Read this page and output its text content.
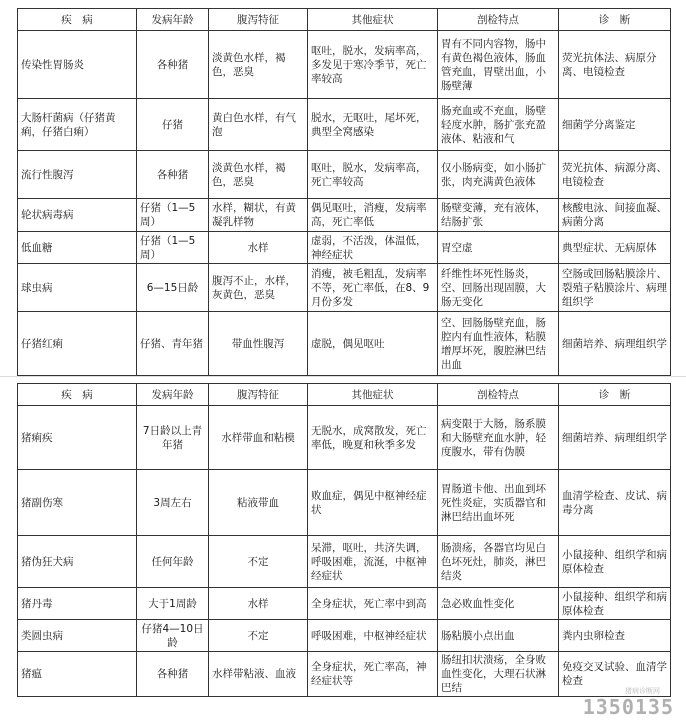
疾　病	发病年龄	腹泻特征	其他症状	剖检特点	诊　断
传染性胃肠炎	各种猪	淡黄色水样，褐色，恶臭	呕吐，脱水，发病率高，多发见于寒冷季节，死亡率较高	胃有不同内容物，肠中有黄色褐色液体，肠血管充血，胃壁出血，小肠壁薄	荧光抗体法、病原分离、电镜检查
大肠杆菌病（仔猪黄痢，仔猪白痢）	仔猪	黄白色水样，有气泡	脱水，无呕吐，尾坏死，典型全窝感染	肠充血或不充血，肠壁轻度水肿，肠扩张充盈液体、粘液和气	细菌学分离鉴定
流行性腹泻	各种猪	淡黄色水样，褐色，恶臭	呕吐，脱水，发病率高，死亡率较高	仅小肠病变，如小肠扩张，肉充满黄色液体	荧光抗体、病源分离、电镜检查
轮状病毒病	仔猪（1—5周）	水样，糊状，有黄凝乳样物	偶见呕吐，消瘦，发病率高，死亡率低	肠壁变薄，充有液体，结肠扩张	核酸电泳、间接血凝、病菌分离
低血糖	仔猪（1—5周）	水样	虚弱，不活泼，体温低，神经症状	胃空虚	典型症状、无病原体
球虫病	6—15日龄	腹泻不止，水样，灰黄色，恶臭	消瘦，被毛粗乱，发病率不等，死亡率低，在8、9月份多发	纤维性坏死性肠炎，空、回肠出现固膜，大肠无变化	空肠或回肠粘膜涂片、裂殖子粘膜涂片、病理组织学
仔猪红痢	仔猪、青年猪	带血性腹泻	虚脱，偶见呕吐	空、回肠肠壁充血，肠腔内有血性液体，粘膜增厚坏死，腹腔淋巴结出血	细菌培养、病理组织学
疾　病	发病年龄	腹泻特征	其他症状	剖检特点	诊　断
猪痢疾	7日龄以上青年猪	水样带血和粘模	无脱水，成窝散发，死亡率低，晚夏和秋季多发	病变限于大肠，肠系膜和大肠壁充血水肿，轻度腹水，带有伪膜	细菌培养、病理组织学
猪副伤寒	3周左右	粘液带血	败血症，偶见中枢神经症状	胃肠道卡他、出血到坏死性炎症，实质器官和淋巴结出血坏死	血清学检查、皮试、病毒分离
猪伪狂犬病	任何年龄	不定	呆滞，呕吐，共济失调，呼吸困难，流涎，中枢神经症状	肠溃疡，各器官均见白色坏死灶，肺炎，淋巴结炎	小鼠接种、组织学和病原体检查
猪丹毒	大于1周龄	水样	全身症状，死亡率中到高	急必败血性变化	小鼠接种、组织学和病原体检查
类圆虫病	仔猪4—10日龄	不定	呼吸困难，中枢神经症状	肠粘膜小点出血	粪内虫卵检查
猪瘟	各种猪	水样带粘液、血液	全身症状，死亡率高，神经症状等	肠纽扣状溃疡，全身败血性变化，大理石状淋巴结	免疫交叉试验、血清学检查
猪病诊断网
1350135
